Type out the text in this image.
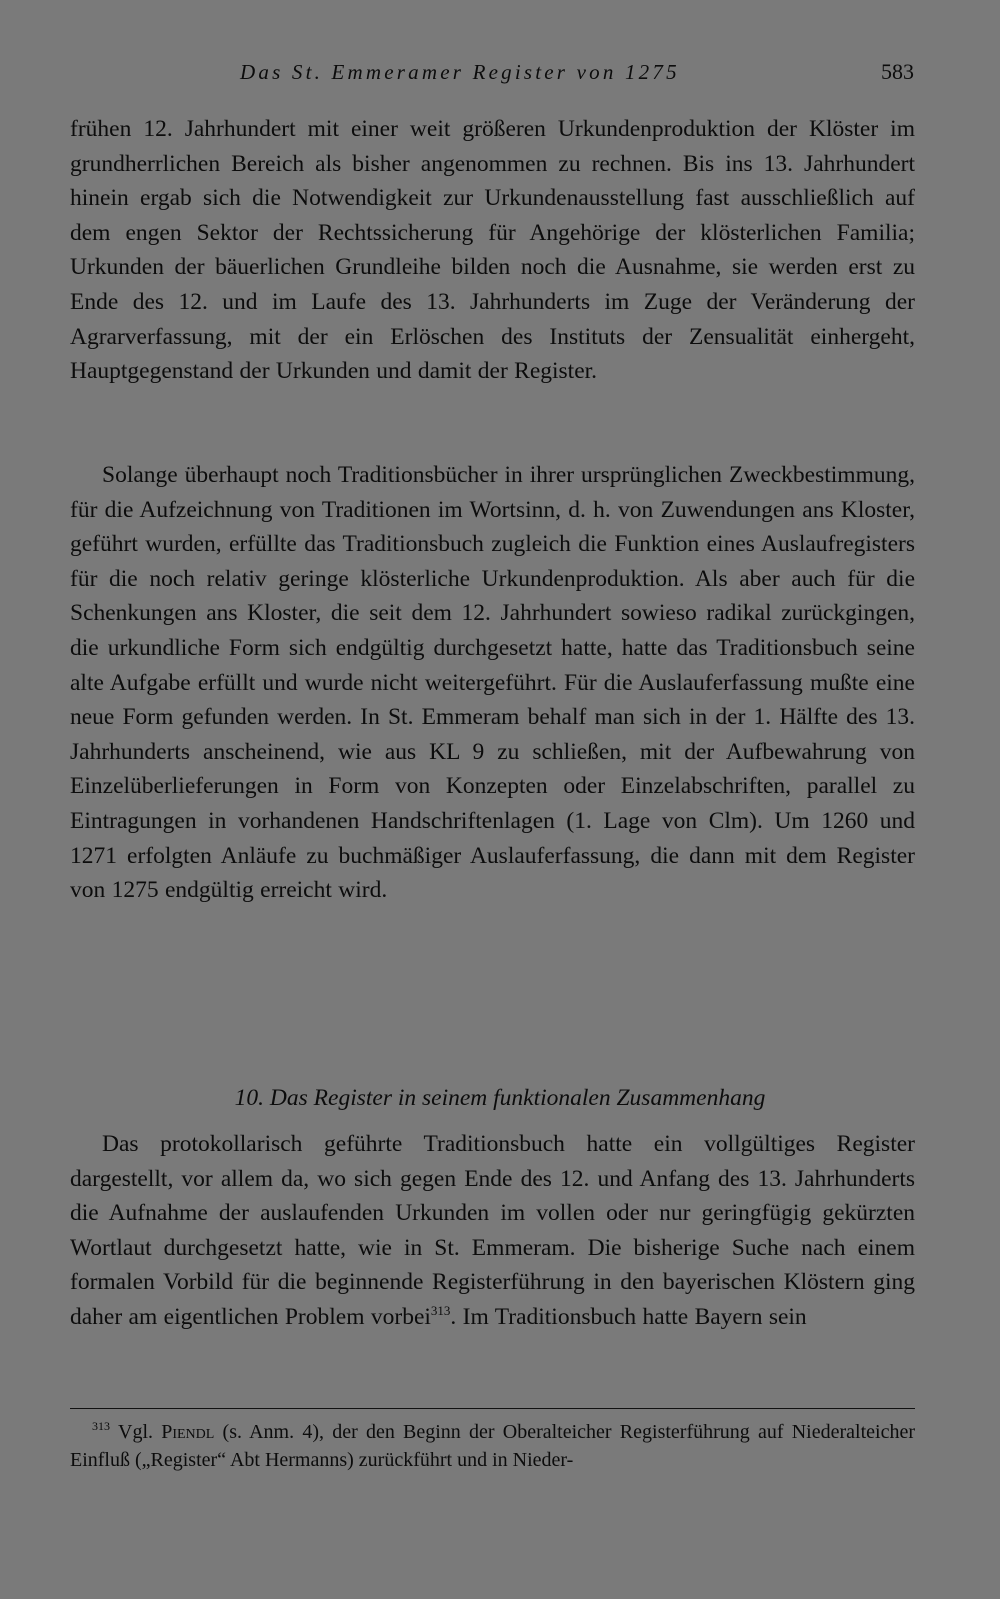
Das St. Emmeramer Register von 1275	583

frühen 12. Jahrhundert mit einer weit größeren Urkundenproduktion der Klöster im grundherrlichen Bereich als bisher angenommen zu rechnen. Bis ins 13. Jahrhundert hinein ergab sich die Notwendigkeit zur Urkundenausstellung fast ausschließlich auf dem engen Sektor der Rechtssicherung für Angehörige der klösterlichen Familia; Urkunden der bäuerlichen Grundleihe bilden noch die Ausnahme, sie werden erst zu Ende des 12. und im Laufe des 13. Jahrhunderts im Zuge der Veränderung der Agrarverfassung, mit der ein Erlöschen des Instituts der Zensualität einhergeht, Hauptgegenstand der Urkunden und damit der Register.

Solange überhaupt noch Traditionsbücher in ihrer ursprünglichen Zweckbestimmung, für die Aufzeichnung von Traditionen im Wortsinn, d. h. von Zuwendungen ans Kloster, geführt wurden, erfüllte das Traditionsbuch zugleich die Funktion eines Auslaufregisters für die noch relativ geringe klösterliche Urkundenproduktion. Als aber auch für die Schenkungen ans Kloster, die seit dem 12. Jahrhundert sowieso radikal zurückgingen, die urkundliche Form sich endgültig durchgesetzt hatte, hatte das Traditionsbuch seine alte Aufgabe erfüllt und wurde nicht weitergeführt. Für die Auslauferfassung mußte eine neue Form gefunden werden. In St. Emmeram behalf man sich in der 1. Hälfte des 13. Jahrhunderts anscheinend, wie aus KL 9 zu schließen, mit der Aufbewahrung von Einzelüberlieferungen in Form von Konzepten oder Einzelabschriften, parallel zu Eintragungen in vorhandenen Handschriftenlagen (1. Lage von Clm). Um 1260 und 1271 erfolgten Anläufe zu buchmäßiger Auslauferfassung, die dann mit dem Register von 1275 endgültig erreicht wird.

10. Das Register in seinem funktionalen Zusammenhang

Das protokollarisch geführte Traditionsbuch hatte ein vollgültiges Register dargestellt, vor allem da, wo sich gegen Ende des 12. und Anfang des 13. Jahrhunderts die Aufnahme der auslaufenden Urkunden im vollen oder nur geringfügig gekürzten Wortlaut durchgesetzt hatte, wie in St. Emmeram. Die bisherige Suche nach einem formalen Vorbild für die beginnende Registerführung in den bayerischen Klöstern ging daher am eigentlichen Problem vorbei$^{313}$. Im Traditionsbuch hatte Bayern sein

$^{313}$ Vgl. Piendl (s. Anm. 4), der den Beginn der Oberalteicher Registerführung auf Niederalteicher Einfluß („Register“ Abt Hermanns) zurückführt und in Nieder-
